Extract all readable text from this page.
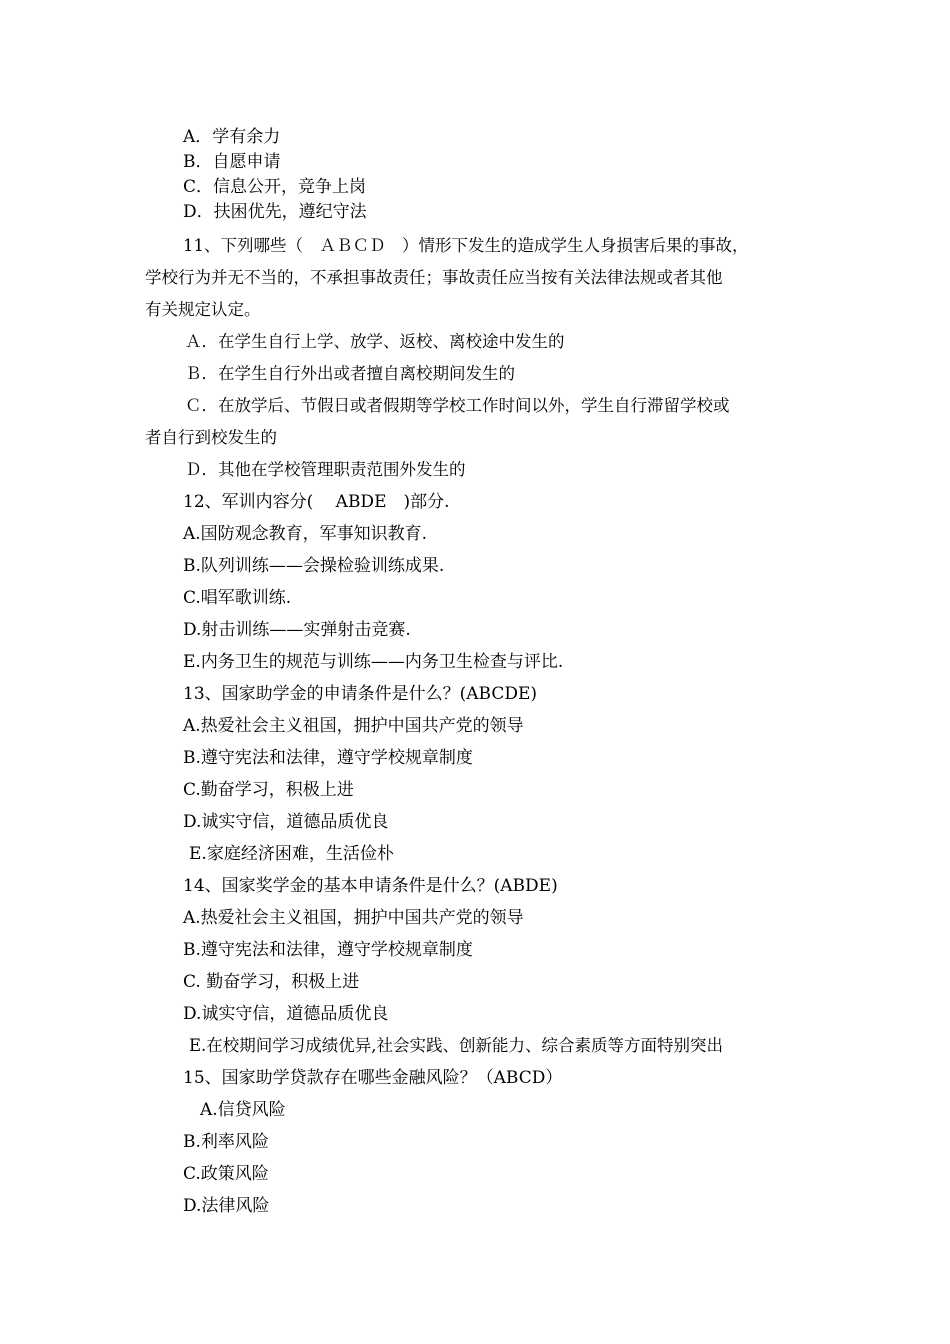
A．学有余力
B．自愿申请
C．信息公开，竞争上岗
D．扶困优先，遵纪守法
11、下列哪些（　ＡＢＣＤ　）情形下发生的造成学生人身损害后果的事故，
学校行为并无不当的，不承担事故责任；事故责任应当按有关法律法规或者其他
有关规定认定。
Ａ．在学生自行上学、放学、返校、离校途中发生的
Ｂ．在学生自行外出或者擅自离校期间发生的
Ｃ．在放学后、节假日或者假期等学校工作时间以外，学生自行滞留学校或
者自行到校发生的
Ｄ．其他在学校管理职责范围外发生的
12、军训内容分(　 ABDE　)部分.
A.国防观念教育，军事知识教育.
B.队列训练——会操检验训练成果.
C.唱军歌训练.
D.射击训练——实弹射击竞赛.
E.内务卫生的规范与训练——内务卫生检查与评比.
13、国家助学金的申请条件是什么？(ABCDE)
A.热爱社会主义祖国，拥护中国共产党的领导
B.遵守宪法和法律，遵守学校规章制度
C.勤奋学习，积极上进
D.诚实守信，道德品质优良
E.家庭经济困难，生活俭朴
14、国家奖学金的基本申请条件是什么？(ABDE)
A.热爱社会主义祖国，拥护中国共产党的领导
B.遵守宪法和法律，遵守学校规章制度
C. 勤奋学习，积极上进
D.诚实守信，道德品质优良
E.在校期间学习成绩优异,社会实践、创新能力、综合素质等方面特别突出
15、国家助学贷款存在哪些金融风险？（ABCD）
A.信贷风险
B.利率风险
C.政策风险
D.法律风险
